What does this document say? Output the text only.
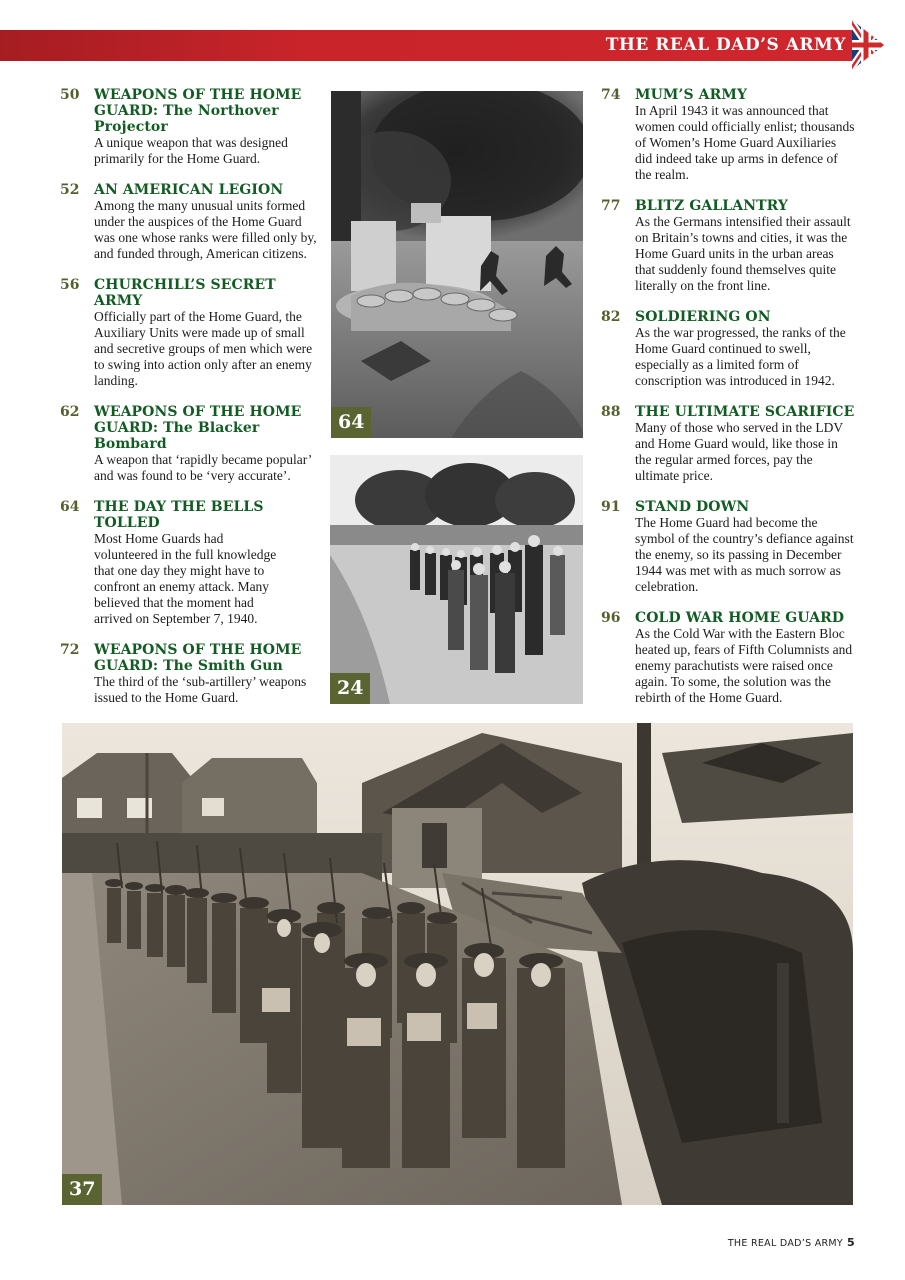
THE REAL DAD’S ARMY
50 WEAPONS OF THE HOME GUARD: The Northover Projector
A unique weapon that was designed primarily for the Home Guard.
52 AN AMERICAN LEGION
Among the many unusual units formed under the auspices of the Home Guard was one whose ranks were filled only by, and funded through, American citizens.
56 CHURCHILL’S SECRET ARMY
Officially part of the Home Guard, the Auxiliary Units were made up of small and secretive groups of men which were to swing into action only after an enemy landing.
62 WEAPONS OF THE HOME GUARD: The Blacker Bombard
A weapon that ‘rapidly became popular’ and was found to be ‘very accurate’.
64 THE DAY THE BELLS TOLLED
Most Home Guards had volunteered in the full knowledge that one day they might have to confront an enemy attack. Many believed that the moment had arrived on September 7, 1940.
72 WEAPONS OF THE HOME GUARD: The Smith Gun
The third of the ‘sub-artillery’ weapons issued to the Home Guard.
64
24
74 MUM’S ARMY
In April 1943 it was announced that women could officially enlist; thousands of Women’s Home Guard Auxiliaries did indeed take up arms in defence of the realm.
77 BLITZ GALLANTRY
As the Germans intensified their assault on Britain’s towns and cities, it was the Home Guard units in the urban areas that suddenly found themselves quite literally on the front line.
82 SOLDIERING ON
As the war progressed, the ranks of the Home Guard continued to swell, especially as a limited form of conscription was introduced in 1942.
88 THE ULTIMATE SCARIFICE
Many of those who served in the LDV and Home Guard would, like those in the regular armed forces, pay the ultimate price.
91 STAND DOWN
The Home Guard had become the symbol of the country’s defiance against the enemy, so its passing in December 1944 was met with as much sorrow as celebration.
96 COLD WAR HOME GUARD
As the Cold War with the Eastern Bloc heated up, fears of Fifth Columnists and enemy parachutists were raised once again. To some, the solution was the rebirth of the Home Guard.
37
THE REAL DAD’S ARMY 5
